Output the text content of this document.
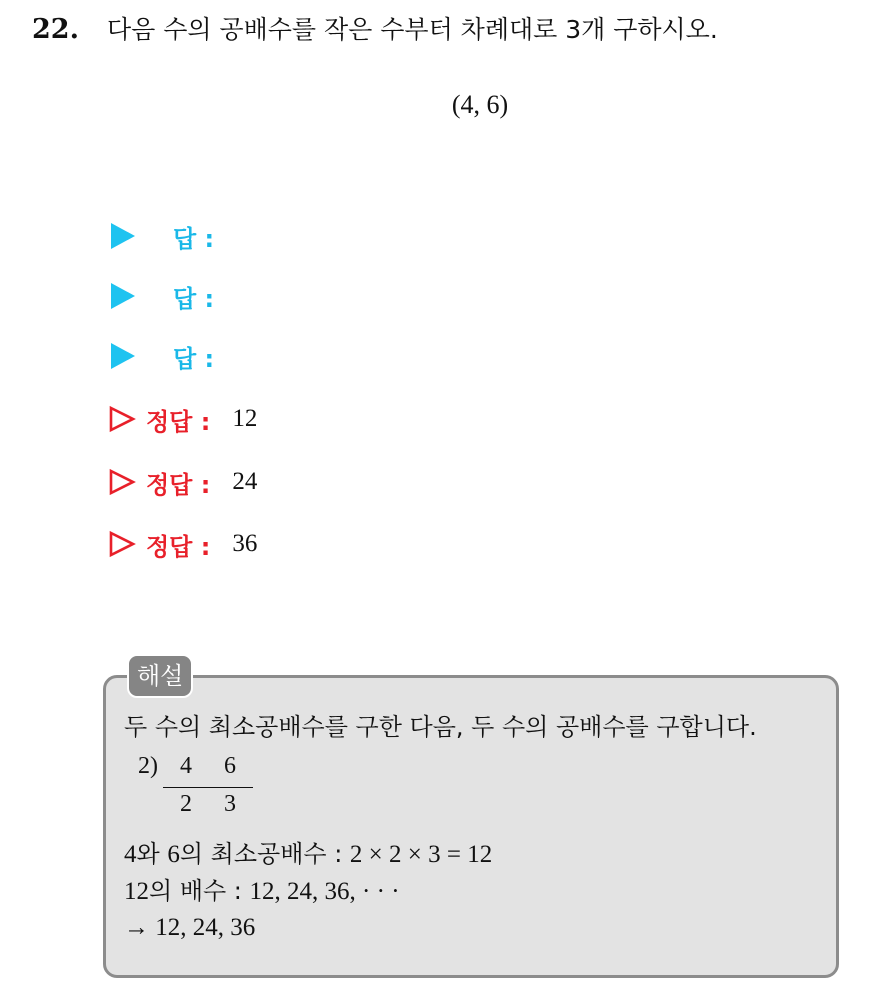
22. 다음 수의 공배수를 작은 수부터 차례대로 3개 구하시오.
(4, 6)
답 :
답 :
답 :
정답 : 12
정답 : 24
정답 : 36
해설
두 수의 최소공배수를 구한 다음, 두 수의 공배수를 구합니다.
2) 4 6
2 3
4와 6의 최소공배수 : 2 × 2 × 3 = 12
12의 배수 : 12, 24, 36, · · ·
→ 12, 24, 36
